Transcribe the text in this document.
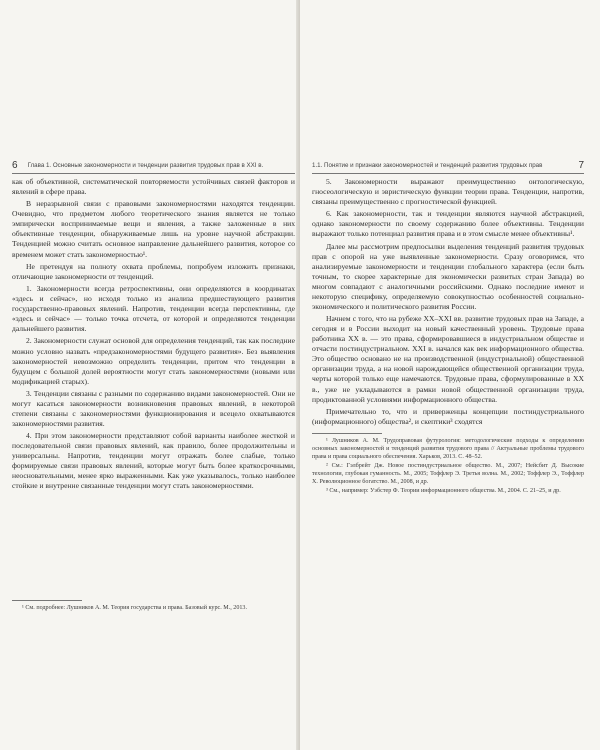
6 Глава 1. Основные закономерности и тенденции развития трудовых прав в XXI в.

как об объективной, систематической повторяемости устойчивых связей факторов и явлений в сфере права.

В неразрывной связи с правовыми закономерностями находятся тенденции. Очевидно, что предметом любого теоретического знания является не только эмпирически воспринимаемые вещи и явления, а также заложенные в них объективные тенденции, обнаруживаемые лишь на уровне научной абстракции. Тенденцией можно считать основное направление дальнейшего развития, которое со временем может стать закономерностью¹.

Не претендуя на полноту охвата проблемы, попробуем изложить признаки, отличающие закономерности от тенденций.

1. Закономерности всегда ретроспективны, они определяются в координатах «здесь и сейчас», но исходя только из анализа предшествующего развития государственно-правовых явлений. Напротив, тенденции всегда перспективны, где «здесь и сейчас» — только точка отсчета, от которой и определяются тенденции дальнейшего развития.

2. Закономерности служат основой для определения тенденций, так как последние можно условно назвать «предзакономерностями будущего развития». Без выявления закономерностей невозможно определить тенденции, притом что тенденции в будущем с большой долей вероятности могут стать закономерностями (новыми или модификацией старых).

3. Тенденции связаны с разными по содержанию видами закономерностей. Они не могут касаться закономерности возникновения правовых явлений, в некоторой степени связаны с закономерностями функционирования и всецело охватываются закономерностями развития.

4. При этом закономерности представляют собой варианты наиболее жесткой и последовательной связи правовых явлений, как правило, более продолжительны и универсальны. Напротив, тенденции могут отражать более слабые, только формируемые связи правовых явлений, которые могут быть более краткосрочными, неосновательными, менее ярко выраженными. Как уже указывалось, только наиболее стойкие и внутренне связанные тенденции могут стать закономерностями.

¹ См. подробнее: Лушников А. М. Теория государства и права. Базовый курс. М., 2013.

1.1. Понятие и признаки закономерностей и тенденций развития трудовых прав	7

5. Закономерности выражают преимущественно онтологическую, гносеологическую и эвристическую функции теории права. Тенденции, напротив, связаны преимущественно с прогностической функцией.

6. Как закономерности, так и тенденции являются научной абстракцией, однако закономерности по своему содержанию более объективны. Тенденции выражают только потенциал развития права и в этом смысле менее объективны¹.

Далее мы рассмотрим предпосылки выделения тенденций развития трудовых прав с опорой на уже выявленные закономерности. Сразу оговоримся, что анализируемые закономерности и тенденции глобального характера (если быть точным, то скорее характерные для экономически развитых стран Запада) во многом совпадают с аналогичными российскими. Однако последние имеют и некоторую специфику, определяемую совокупностью особенностей социально-экономического и политического развития России.

Начнем с того, что на рубеже XX–XXI вв. развитие трудовых прав на Западе, а сегодня и в России выходит на новый качественный уровень. Трудовые права работника XX в. — это права, сформировавшиеся в индустриальном обществе и отчасти постиндустриальном. XXI в. начался как век информационного общества. Это общество основано не на производственной (индустриальной) общественной организации труда, а на новой нарождающейся общественной организации труда, черты которой только еще намечаются. Трудовые права, сформулированные в XX в., уже не укладываются в рамки новой общественной организации труда, продиктованной условиями информационного общества.

Примечательно то, что и приверженцы концепции постиндустриального (информационного) общества², и скептики³ сходятся

¹ Лушников А. М. Трудоправовая футурология: методологические подходы к определению основных закономерностей и тенденций развития трудового права // Актуальные проблемы трудового права и права социального обеспечения. Харьков, 2013. С. 48–52.

² См.: Гэлбрейт Дж. Новое постиндустриальное общество. М., 2007; Нейсбит Д. Высокие технологии, глубокая гуманность. М., 2005; Тоффлер Э. Третья волна. М., 2002; Тоффлер Э., Тоффлер Х. Революционное богатство. М., 2008, и др.

³ См., например: Уэбстер Ф. Теории информационного общества. М., 2004. С. 21–25, и др.
